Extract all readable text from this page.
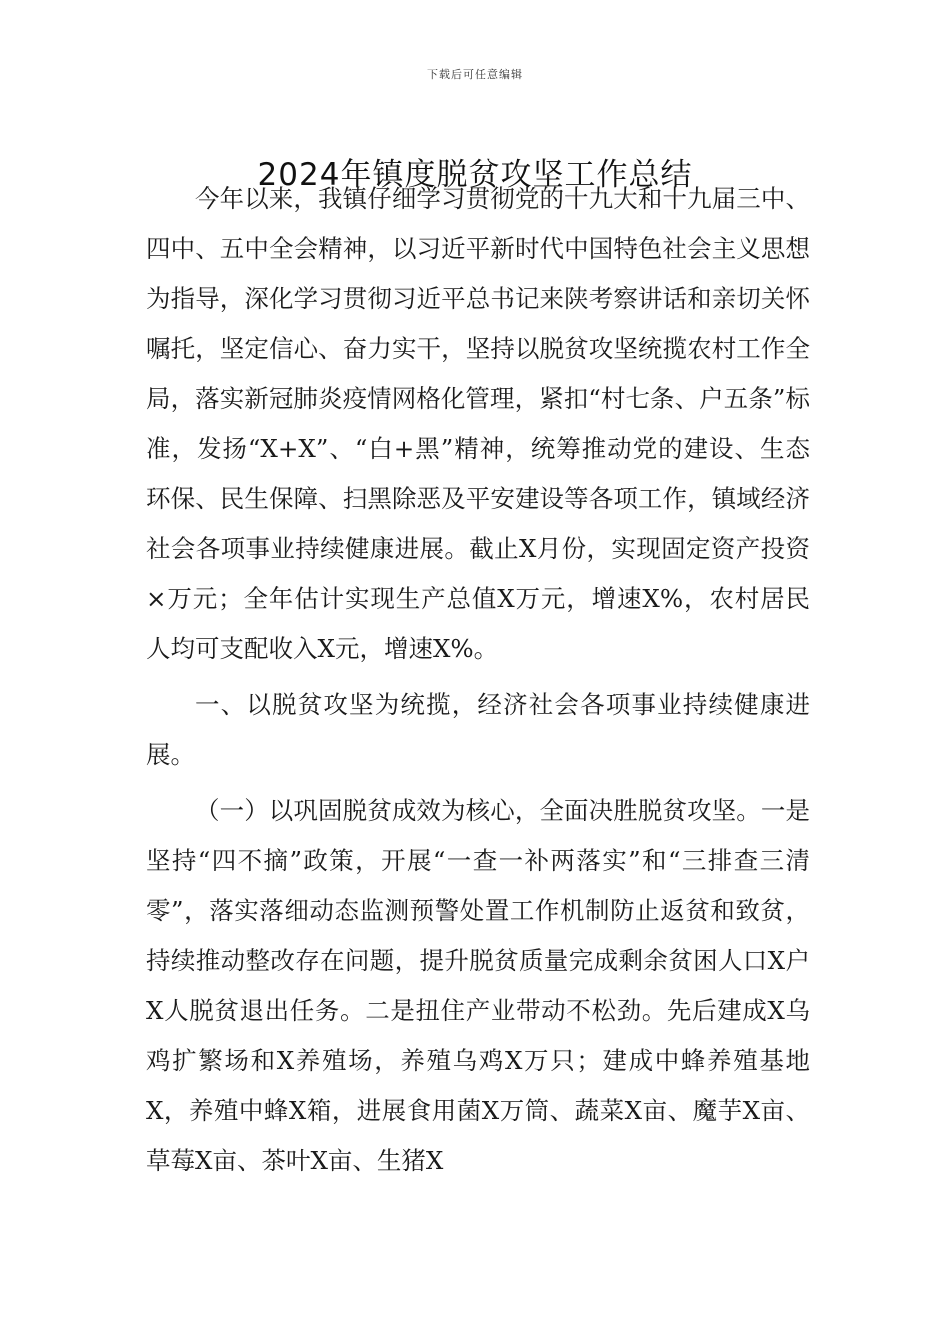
下载后可任意编辑
2024年镇度脱贫攻坚工作总结

今年以来，我镇仔细学习贯彻党的十九大和十九届三中、四中、五中全会精神，以习近平新时代中国特色社会主义思想为指导，深化学习贯彻习近平总书记来陕考察讲话和亲切关怀嘱托，坚定信心、奋力实干，坚持以脱贫攻坚统揽农村工作全局，落实新冠肺炎疫情网格化管理，紧扣“村七条、户五条”标准，发扬“X+X”、“白+黑”精神，统筹推动党的建设、生态环保、民生保障、扫黑除恶及平安建设等各项工作，镇域经济社会各项事业持续健康进展。截止X月份，实现固定资产投资×万元；全年估计实现生产总值X万元，增速X%，农村居民人均可支配收入X元，增速X%。

一、以脱贫攻坚为统揽，经济社会各项事业持续健康进展。

（一）以巩固脱贫成效为核心，全面决胜脱贫攻坚。一是坚持“四不摘”政策，开展“一查一补两落实”和“三排查三清零”，落实落细动态监测预警处置工作机制防止返贫和致贫，持续推动整改存在问题，提升脱贫质量完成剩余贫困人口X户X人脱贫退出任务。二是扭住产业带动不松劲。先后建成X乌鸡扩繁场和X养殖场，养殖乌鸡X万只；建成中蜂养殖基地X，养殖中蜂X箱，进展食用菌X万筒、蔬菜X亩、魔芋X亩、草莓X亩、茶叶X亩、生猪X
